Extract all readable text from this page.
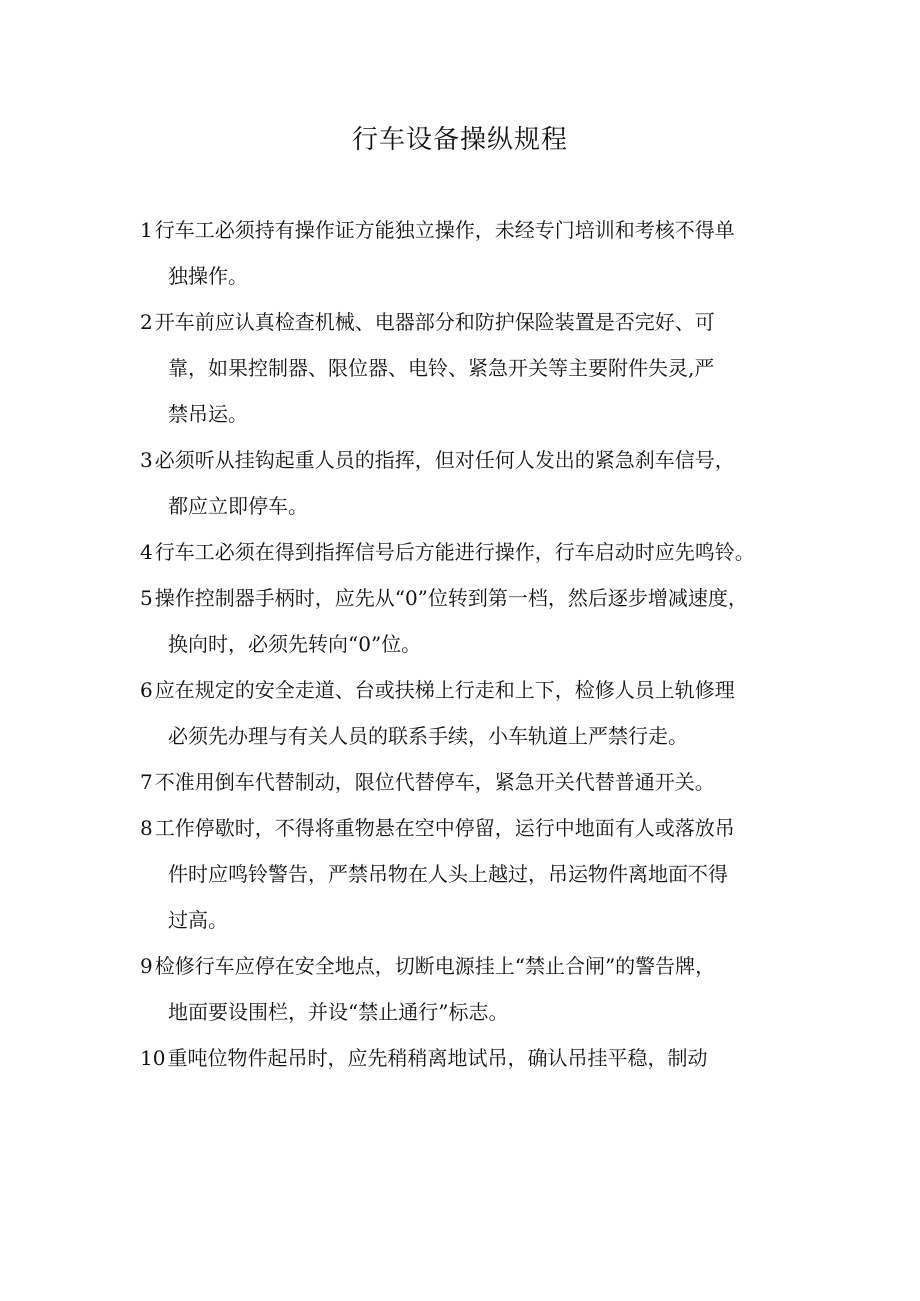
行车设备操纵规程
1 行车工必须持有操作证方能独立操作，未经专门培训和考核不得单
独操作。
2 开车前应认真检查机械、电器部分和防护保险装置是否完好、可
靠，如果控制器、限位器、电铃、紧急开关等主要附件失灵,严
禁吊运。
3 必须听从挂钩起重人员的指挥，但对任何人发出的紧急刹车信号，
都应立即停车。
4 行车工必须在得到指挥信号后方能进行操作，行车启动时应先鸣铃。
5 操作控制器手柄时，应先从“0”位转到第一档，然后逐步增减速度，
换向时，必须先转向“0”位。
6 应在规定的安全走道、台或扶梯上行走和上下，检修人员上轨修理
必须先办理与有关人员的联系手续，小车轨道上严禁行走。
7 不准用倒车代替制动，限位代替停车，紧急开关代替普通开关。
8 工作停歇时，不得将重物悬在空中停留，运行中地面有人或落放吊
件时应鸣铃警告，严禁吊物在人头上越过，吊运物件离地面不得
过高。
9 检修行车应停在安全地点，切断电源挂上“禁止合闸”的警告牌，
地面要设围栏，并设“禁止通行”标志。
10 重吨位物件起吊时，应先稍稍离地试吊，确认吊挂平稳，制动
